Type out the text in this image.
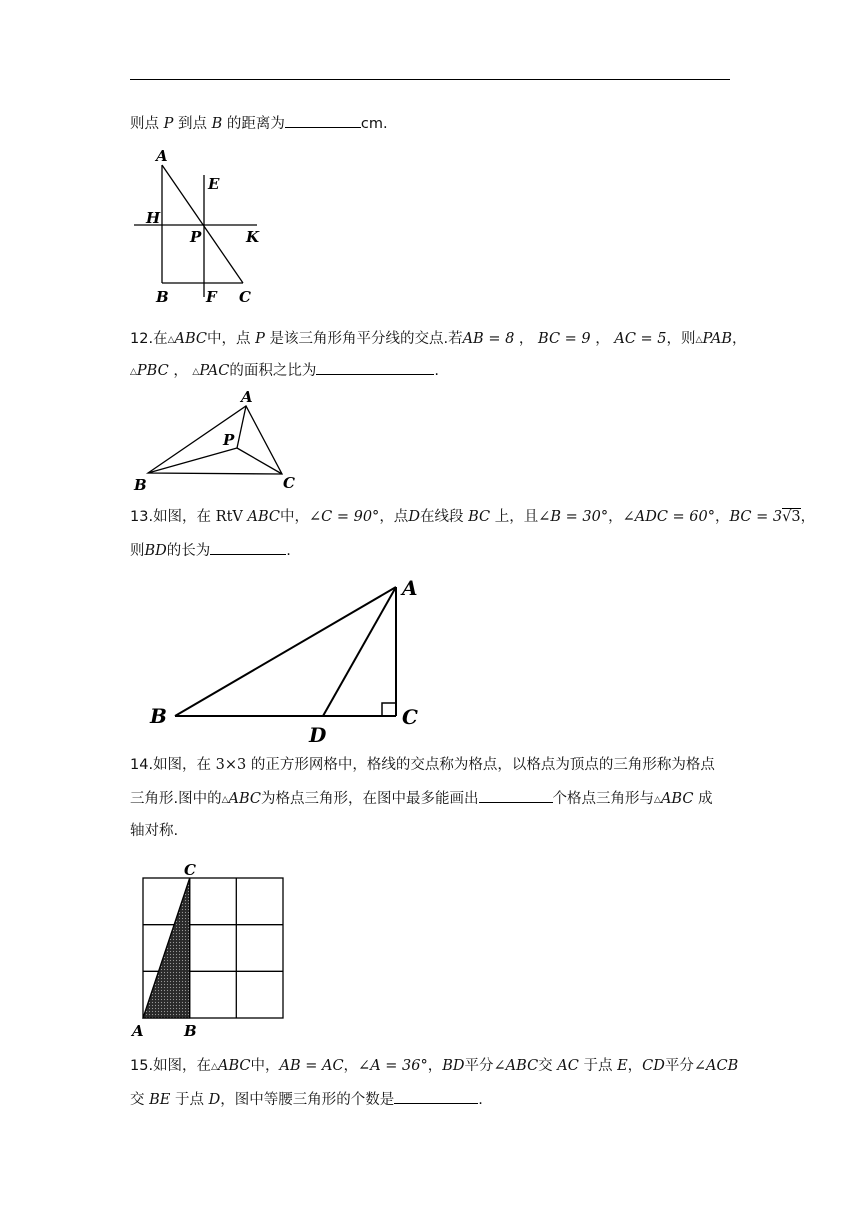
则点 P 到点 B 的距离为	cm.
A
E
H
P	K
B F C
12.在△ABC中，点 P 是该三角形角平分线的交点.若AB = 8 ， BC = 9 ， AC = 5，则△PAB，
△PBC ， △PAC的面积之比为	.
A
P
B	C
13.如图，在 RtV ABC中，∠C = 90°，点D在线段 BC 上，且∠B = 30°，∠ADC = 60°，BC = 3√3，
则BD的长为	.
A
B
D
C
14.如图，在 3×3 的正方形网格中，格线的交点称为格点，以格点为顶点的三角形称为格点
三角形.图中的△ABC为格点三角形，在图中最多能画出	个格点三角形与△ABC 成
轴对称.
C
A	B
15.如图，在△ABC中，AB = AC，∠A = 36°，BD平分∠ABC交 AC 于点 E，CD平分∠ACB
交 BE 于点 D，图中等腰三角形的个数是	.
